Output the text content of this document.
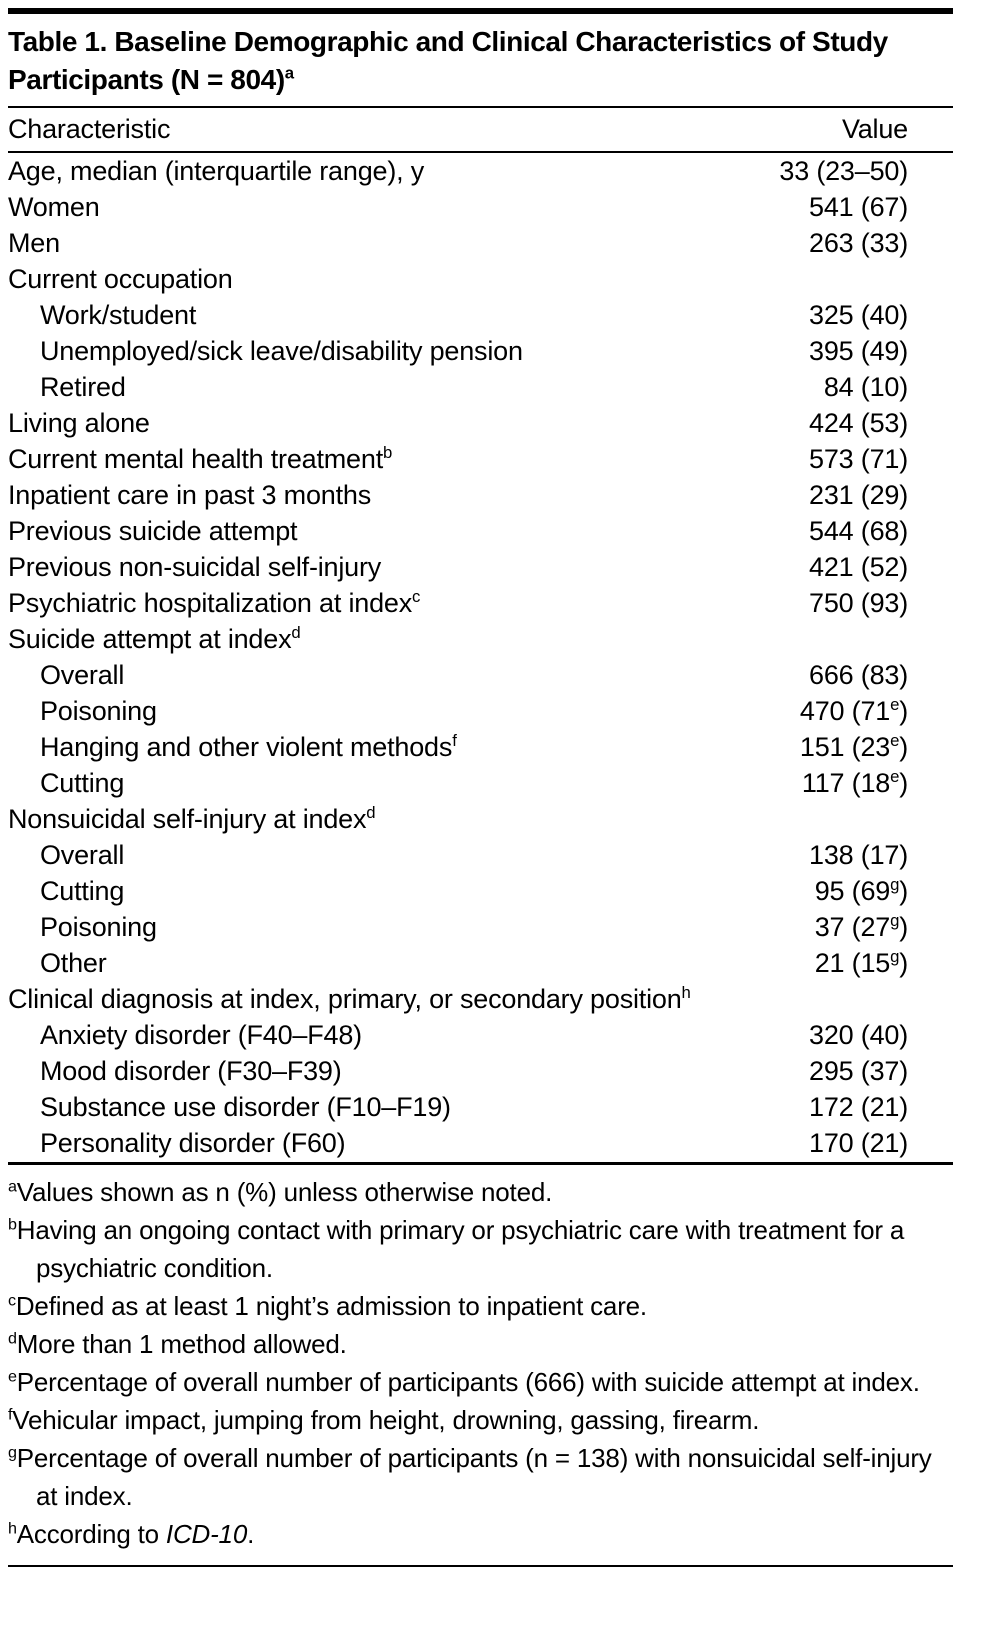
Table 1. Baseline Demographic and Clinical Characteristics of Study Participants (N = 804)$^a$
Characteristic	Value
Age, median (interquartile range), y	33 (23–50)
Women	541 (67)
Men	263 (33)
Current occupation	
Work/student	325 (40)
Unemployed/sick leave/disability pension	395 (49)
Retired	84 (10)
Living alone	424 (53)
Current mental health treatment$^b$	573 (71)
Inpatient care in past 3 months	231 (29)
Previous suicide attempt	544 (68)
Previous non-suicidal self-injury	421 (52)
Psychiatric hospitalization at index$^c$	750 (93)
Suicide attempt at index$^d$	
Overall	666 (83)
Poisoning	470 (71e)
Hanging and other violent methods$^f$	151 (23e)
Cutting	117 (18e)
Nonsuicidal self-injury at index$^d$	
Overall	138 (17)
Cutting	95 (69$^g$)
Poisoning	37 (27$^g$)
Other	21 (15$^g$)
Clinical diagnosis at index, primary, or secondary position$^h$	
Anxiety disorder (F40–F48)	320 (40)
Mood disorder (F30–F39)	295 (37)
Substance use disorder (F10–F19)	172 (21)
Personality disorder (F60)	170 (21)

$^a$Values shown as n (%) unless otherwise noted.

$^b$Having an ongoing contact with primary or psychiatric care with treatment for a psychiatric condition.

$^c$Defined as at least 1 night’s admission to inpatient care.

$^d$More than 1 method allowed.

$^e$Percentage of overall number of participants (666) with suicide attempt at index.

$^f$Vehicular impact, jumping from height, drowning, gassing, firearm.

$^g$Percentage of overall number of participants (n = 138) with nonsuicidal self-injury at index.

$^h$According to ICD-10.
